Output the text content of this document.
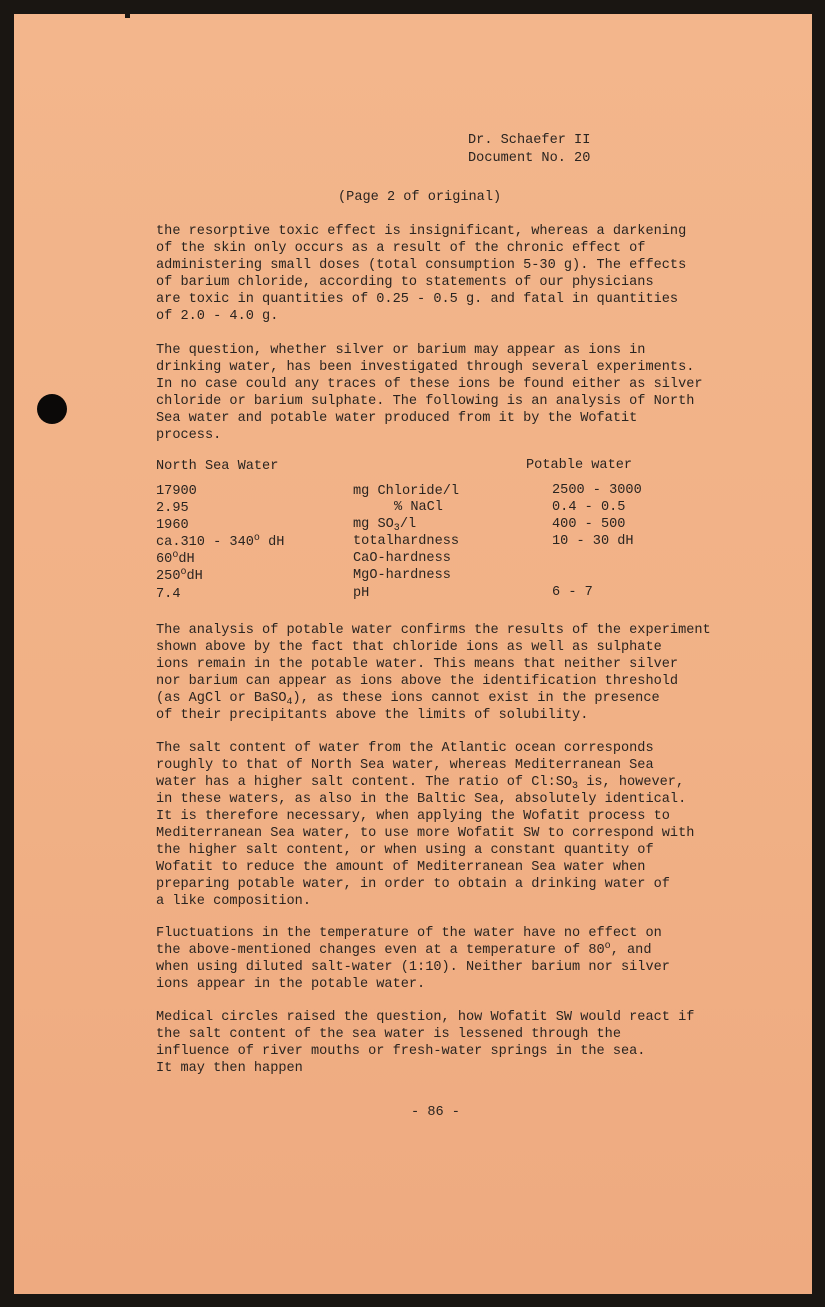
Dr. Schaefer II
Document No. 20
(Page 2 of original)
the resorptive toxic effect is insignificant, whereas a darkening
of the skin only occurs as a result of the chronic effect of
administering small doses (total consumption 5-30 g). The effects
of barium chloride, according to statements of our physicians
are toxic in quantities of 0.25 - 0.5 g. and fatal in quantities
of 2.0 - 4.0 g.
The question, whether silver or barium may appear as ions in
drinking water, has been investigated through several experiments.
In no case could any traces of these ions be found either as silver
chloride or barium sulphate. The following is an analysis of North
Sea water and potable water produced from it by the Wofatit
process.
North Sea Water	Potable water
17900	mg Chloride/l	2500 - 3000
2.95	% NaCl	0.4 - 0.5
1960	mg $SO_3/l$	400 - 500
ca.310 - 340$^o$ dH	totalhardness	10 - 30 dH
60$^o$dH	CaO-hardness
250$^o$dH	MgO-hardness
7.4	pH	6 - 7
The analysis of potable water confirms the results of the experiment
shown above by the fact that chloride ions as well as sulphate
ions remain in the potable water. This means that neither silver
nor barium can appear as ions above the identification threshold
(as AgCl or BaSO$_4$), as these ions cannot exist in the presence
of their precipitants above the limits of solubility.
The salt content of water from the Atlantic ocean corresponds
roughly to that of North Sea water, whereas Mediterranean Sea
water has a higher salt content. The ratio of $Cl:SO_3$ is, however,
in these waters, as also in the Baltic Sea, absolutely identical.
It is therefore necessary, when applying the Wofatit process to
Mediterranean Sea water, to use more Wofatit SW to correspond with
the higher salt content, or when using a constant quantity of
Wofatit to reduce the amount of Mediterranean Sea water when
preparing potable water, in order to obtain a drinking water of
a like composition.
Fluctuations in the temperature of the water have no effect on
the above-mentioned changes even at a temperature of 80$^o$, and
when using diluted salt-water (1:10). Neither barium nor silver
ions appear in the potable water.
Medical circles raised the question, how Wofatit SW would react if
the salt content of the sea water is lessened through the
influence of river mouths or fresh-water springs in the sea.
It may then happen
- 86 -
